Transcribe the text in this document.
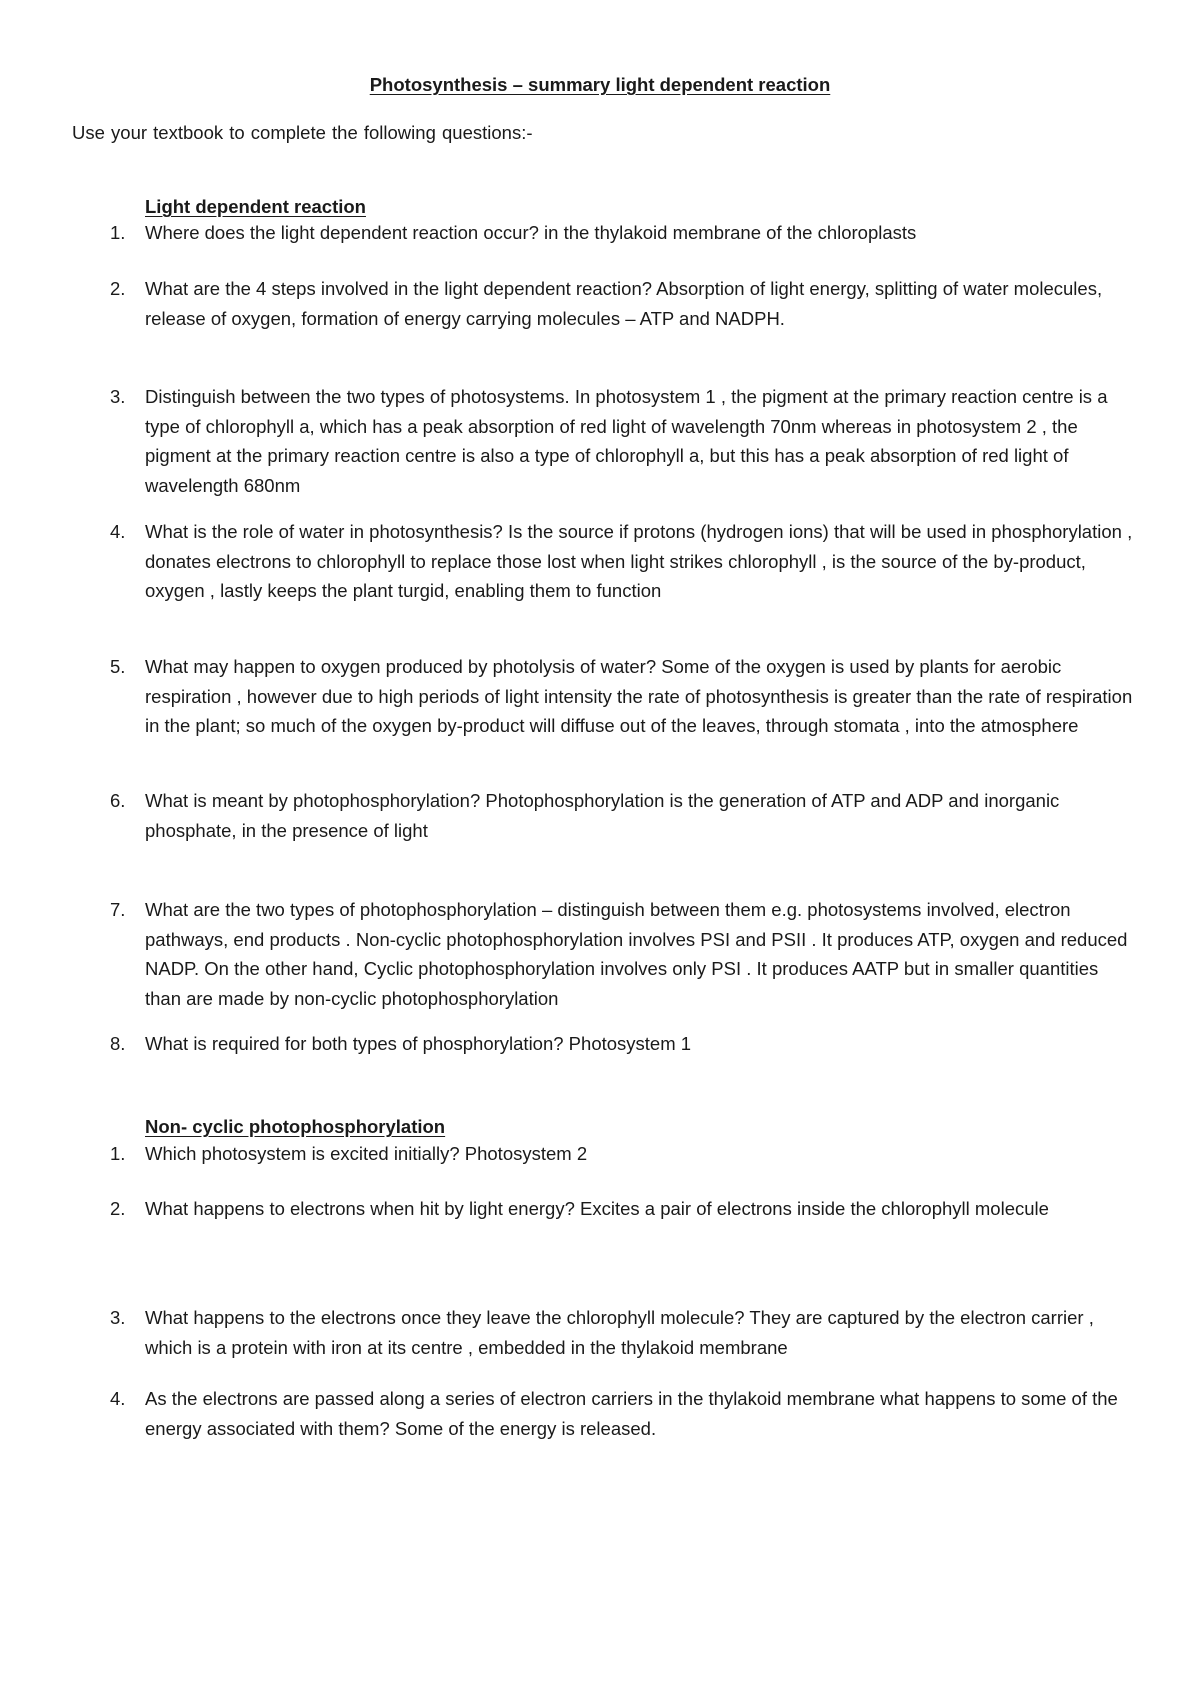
Photosynthesis – summary light dependent reaction
Use your textbook to complete the following questions:-
Light dependent reaction
1.	Where does the light dependent reaction occur? in the thylakoid membrane of the chloroplasts
2.	What are the 4 steps involved in the light dependent reaction? Absorption of light energy, splitting of water molecules, release of oxygen, formation of energy carrying molecules – ATP and NADPH.
3.	Distinguish between the two types of photosystems. In photosystem 1 , the pigment at the primary reaction centre is a type of chlorophyll a, which has a peak absorption of red light of wavelength 70nm whereas in photosystem 2 , the pigment at the primary reaction centre is also a type of chlorophyll a, but this has a peak absorption of red light of wavelength 680nm
4.	What is the role of water in photosynthesis? Is the source if protons (hydrogen ions) that will be used in phosphorylation , donates electrons to chlorophyll to replace those lost when light strikes chlorophyll , is the source of the by-product, oxygen , lastly keeps the plant turgid, enabling them to function
5.	What may happen to oxygen produced by photolysis of water? Some of the oxygen is used by plants for aerobic respiration , however due to high periods of light intensity the rate of photosynthesis is greater than the rate of respiration in the plant; so much of the oxygen by-product will diffuse out of the leaves, through stomata , into the atmosphere
6.	What is meant by photophosphorylation? Photophosphorylation is the generation of ATP and ADP and inorganic phosphate, in the presence of light
7.	What are the two types of photophosphorylation – distinguish between them e.g. photosystems involved, electron pathways, end products . Non-cyclic photophosphorylation involves PSI and PSII . It produces ATP, oxygen and reduced NADP. On the other hand, Cyclic photophosphorylation involves only PSI . It produces AATP but in smaller quantities than are made by non-cyclic photophosphorylation
8.	What is required for both types of phosphorylation? Photosystem 1
Non- cyclic photophosphorylation
1.	Which photosystem is excited initially? Photosystem 2
2.	What happens to electrons when hit by light energy? Excites a pair of electrons inside the chlorophyll molecule
3.	What happens to the electrons once they leave the chlorophyll molecule? They are captured by the electron carrier , which is a protein with iron at its centre , embedded in the thylakoid membrane
4.	As the electrons are passed along a series of electron carriers in the thylakoid membrane what happens to some of the energy associated with them? Some of the energy is released.
